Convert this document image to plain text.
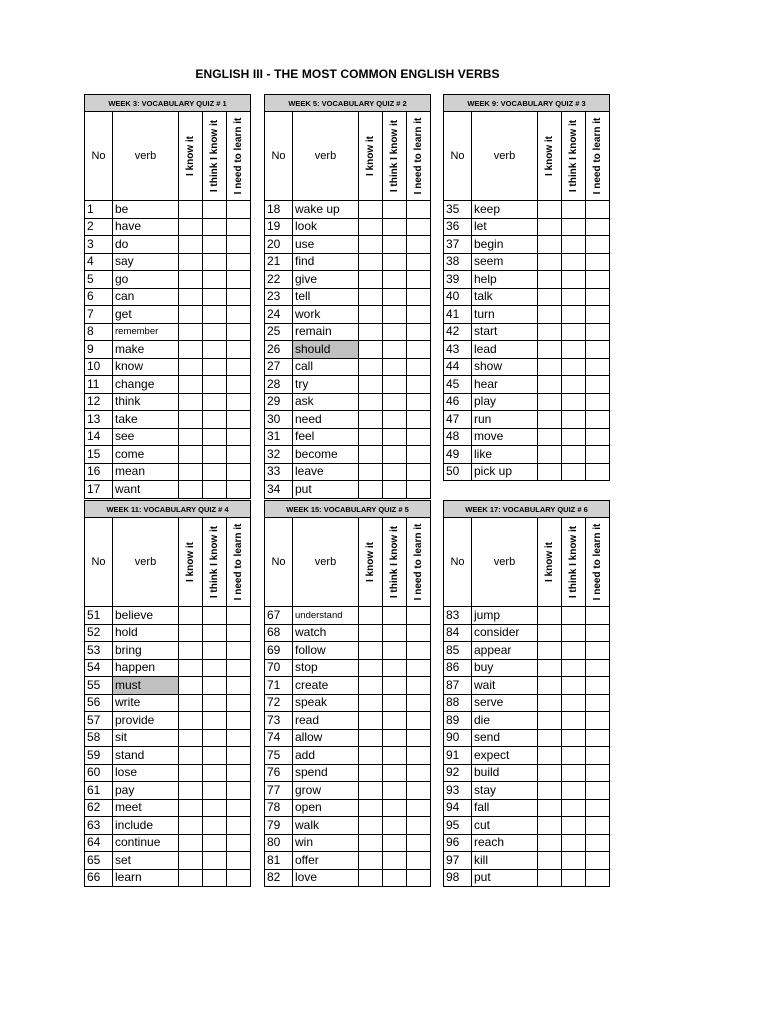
ENGLISH III - THE MOST COMMON ENGLISH VERBS
WEEK 3: VOCABULARY QUIZ # 1				
No	verb	I know it	I think I know it	I need to learn it

1	be			
2	have			
3	do			
4	say			
5	go			
6	can			
7	get			
8	remember			
9	make			
10	know			
11	change			
12	think			
13	take			
14	see			
15	come			
16	mean			
17	want			
WEEK 5: VOCABULARY QUIZ # 2				
No	verb	I know it	I think I know it	I need to learn it

18	wake up			
19	look			
20	use			
21	find			
22	give			
23	tell			
24	work			
25	remain			
26	should			
27	call			
28	try			
29	ask			
30	need			
31	feel			
32	become			
33	leave			
34	put			
WEEK 9: VOCABULARY QUIZ # 3				
No	verb	I know it	I think I know it	I need to learn it

35	keep			
36	let			
37	begin			
38	seem			
39	help			
40	talk			
41	turn			
42	start			
43	lead			
44	show			
45	hear			
46	play			
47	run			
48	move			
49	like			
50	pick up			
WEEK 11: VOCABULARY QUIZ # 4				
No	verb	I know it	I think I know it	I need to learn it

51	believe			
52	hold			
53	bring			
54	happen			
55	must			
56	write			
57	provide			
58	sit			
59	stand			
60	lose			
61	pay			
62	meet			
63	include			
64	continue			
65	set			
66	learn			
WEEK 15: VOCABULARY QUIZ # 5				
No	verb	I know it	I think I know it	I need to learn it

67	understand			
68	watch			
69	follow			
70	stop			
71	create			
72	speak			
73	read			
74	allow			
75	add			
76	spend			
77	grow			
78	open			
79	walk			
80	win			
81	offer			
82	love			
WEEK 17: VOCABULARY QUIZ # 6				
No	verb	I know it	I think I know it	I need to learn it

83	jump			
84	consider			
85	appear			
86	buy			
87	wait			
88	serve			
89	die			
90	send			
91	expect			
92	build			
93	stay			
94	fall			
95	cut			
96	reach			
97	kill			
98	put			
